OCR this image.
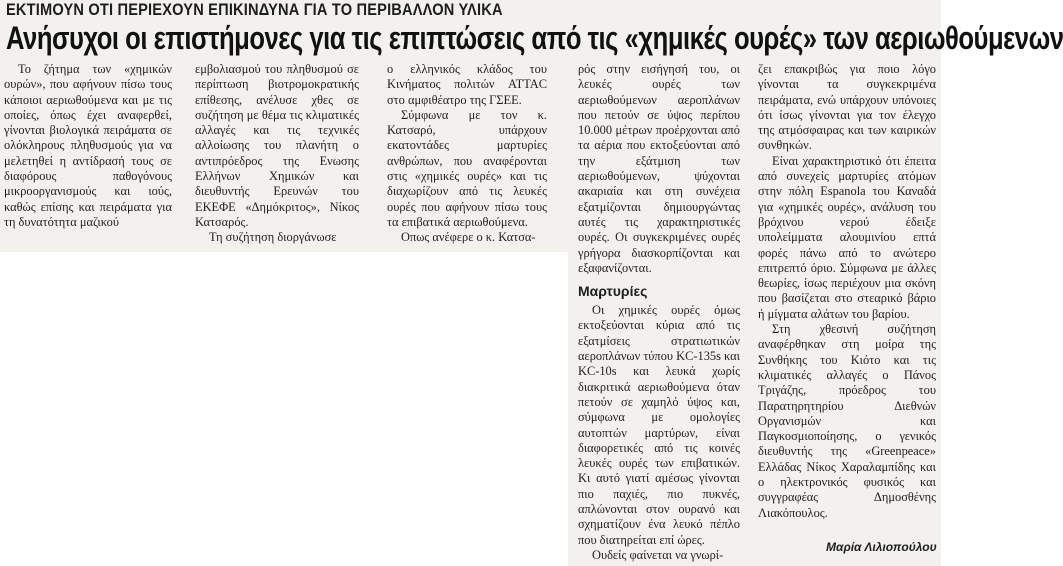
ΕΚΤΙΜΟΥΝ ΟΤΙ ΠΕΡΙΕΧΟΥΝ ΕΠΙΚΙΝΔΥΝΑ ΓΙΑ ΤΟ ΠΕΡΙΒΑΛΛΟΝ ΥΛΙΚΑ
Ανήσυχοι οι επιστήμονες για τις επιπτώσεις από τις «χημικές ουρές» των αεριωθούμενων

Το ζήτημα των «χημικών ουρών», που αφήνουν πίσω τους κάποιοι αεριωθούμενα και με τις οποίες, όπως έχει αναφερθεί, γίνονται βιολογικά πειράματα σε ολόκληρους πληθυσμούς για να μελετηθεί η αντίδρασή τους σε διαφόρους παθογόνους μικροοργανισμούς και ιούς, καθώς επίσης και πειράματα για τη δυνατότητα μαζικού

εμβολιασμού του πληθυσμού σε περίπτωση βιοτρομοκρατικής επίθεσης, ανέλυσε χθες σε συζήτηση με θέμα τις κλιματικές αλλαγές και τις τεχνικές αλλοίωσης του πλανήτη ο αντιπρόεδρος της Ενωσης Ελλήνων Χημικών και διευθυντής Ερευνών του ΕΚΕΦΕ «Δημόκριτος», Νίκος Κατσαρός.

Τη συζήτηση διοργάνωσε

ο ελληνικός κλάδος του Κινήματος πολιτών ATTAC στο αμφιθέατρο της ΓΣΕΕ.

Σύμφωνα με τον κ. Κατσαρό, υπάρχουν εκατοντάδες μαρτυρίες ανθρώπων, που αναφέρονται στις «χημικές ουρές» και τις διαχωρίζουν από τις λευκές ουρές που αφήνουν πίσω τους τα επιβατικά αεριωθούμενα.

Οπως ανέφερε ο κ. Κατσα-

ρός στην εισήγησή του, οι λευκές ουρές των αεριωθούμενων αεροπλάνων που πετούν σε ύψος περίπου 10.000 μέτρων προέρχονται από τα αέρια που εκτοξεύονται από την εξάτμιση των αεριωθούμενων, ψύχονται ακαριαία και στη συνέχεια εξατμίζονται δημιουργώντας αυτές τις χαρακτηριστικές ουρές. Οι συγκεκριμένες ουρές γρήγορα διασκορπίζονται και εξαφανίζονται.

Μαρτυρίες

Οι χημικές ουρές όμως εκτοξεύονται κύρια από τις εξατμίσεις στρατιωτικών αεροπλάνων τύπου KC-135s και KC-10s και λευκά χωρίς διακριτικά αεριωθούμενα όταν πετούν σε χαμηλό ύψος και, σύμφωνα με ομολογίες αυτοπτών μαρτύρων, είναι διαφορετικές από τις κοινές λευκές ουρές των επιβατικών. Κι αυτό γιατί αμέσως γίνονται πιο παχιές, πιο πυκνές, απλώνονται στον ουρανό και σχηματίζουν ένα λευκό πέπλο που διατηρείται επί ώρες.

Ουδείς φαίνεται να γνωρί-

ζει επακριβώς για ποιο λόγο γίνονται τα συγκεκριμένα πειράματα, ενώ υπάρχουν υπόνοιες ότι ίσως γίνονται για τον έλεγχο της ατμόσφαιρας και των καιρικών συνθηκών.

Είναι χαρακτηριστικό ότι έπειτα από συνεχείς μαρτυρίες ατόμων στην πόλη Espanola του Καναδά για «χημικές ουρές», ανάλυση του βρόχινου νερού έδειξε υπολείμματα αλουμινίου επτά φορές πάνω από το ανώτερο επιτρεπτό όριο. Σύμφωνα με άλλες θεωρίες, ίσως περιέχουν μια σκόνη που βασίζεται στο στεαρικό βάριο ή μίγματα αλάτων του βαρίου.

Στη χθεσινή συζήτηση αναφέρθηκαν στη μοίρα της Συνθήκης του Κιότο και τις κλιματικές αλλαγές ο Πάνος Τριγάζης, πρόεδρος του Παρατηρητηρίου Διεθνών Οργανισμών και Παγκοσμιοποίησης, ο γενικός διευθυντής της «Greenpeace» Ελλάδας Νίκος Χαραλαμπίδης και ο ηλεκτρονικός φυσικός και συγγραφέας Δημοσθένης Λιακόπουλος.

Μαρία Λιλιοπούλου
